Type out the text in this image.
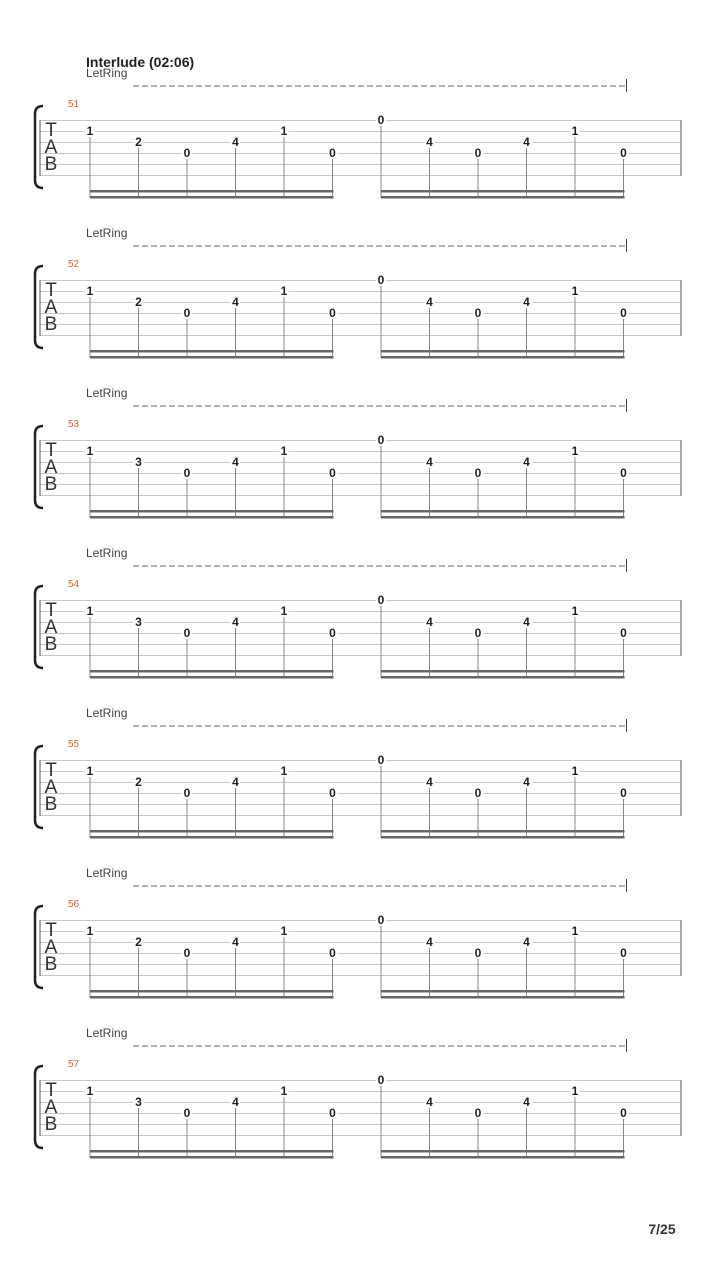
Interlude (02:06)
LetRing
51
T
A
B
1
2
0
4
1
0
0
4
0
4
1
0
LetRing
52
T
A
B
1
2
0
4
1
0
0
4
0
4
1
0
LetRing
53
T
A
B
1
3
0
4
1
0
0
4
0
4
1
0
LetRing
54
T
A
B
1
3
0
4
1
0
0
4
0
4
1
0
LetRing
55
T
A
B
1
2
0
4
1
0
0
4
0
4
1
0
LetRing
56
T
A
B
1
2
0
4
1
0
0
4
0
4
1
0
LetRing
57
T
A
B
1
3
0
4
1
0
0
4
0
4
1
0
7/25
